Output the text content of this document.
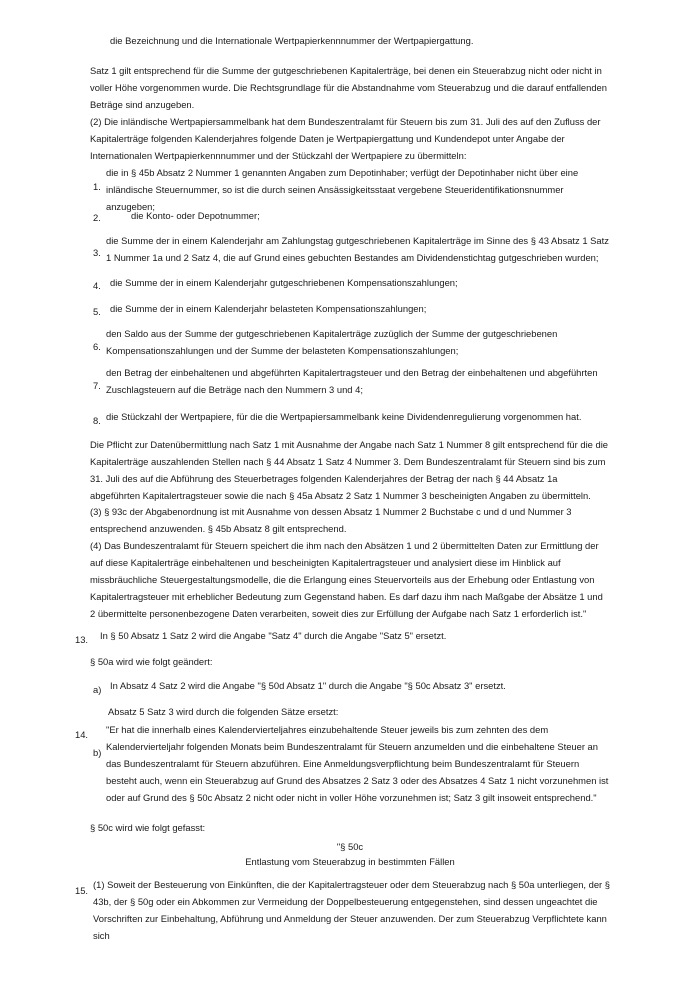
die Bezeichnung und die Internationale Wertpapierkennnummer der Wertpapiergattung.

Satz 1 gilt entsprechend für die Summe der gutgeschriebenen Kapitalerträge, bei denen ein Steuerabzug nicht oder nicht in voller Höhe vorgenommen wurde. Die Rechtsgrundlage für die Abstandnahme vom Steuerabzug und die darauf entfallenden Beträge sind anzugeben.

(2) Die inländische Wertpapiersammelbank hat dem Bundeszentralamt für Steuern bis zum 31. Juli des auf den Zufluss der Kapitalerträge folgenden Kalenderjahres folgende Daten je Wertpapiergattung und Kundendepot unter Angabe der Internationalen Wertpapierkennnummer und der Stückzahl der Wertpapiere zu übermitteln:

1.

die in § 45b Absatz 2 Nummer 1 genannten Angaben zum Depotinhaber; verfügt der Depotinhaber nicht über eine inländische Steuernummer, so ist die durch seinen Ansässigkeitsstaat vergebene Steueridentifikationsnummer anzugeben;

2.	die Konto- oder Depotnummer;

3.

die Summe der in einem Kalenderjahr am Zahlungstag gutgeschriebenen Kapitalerträge im Sinne des § 43 Absatz 1 Satz 1 Nummer 1a und 2 Satz 4, die auf Grund eines gebuchten Bestandes am Dividendenstichtag gutgeschrieben wurden;

4. die Summe der in einem Kalenderjahr gutgeschriebenen Kompensationszahlungen;

5. die Summe der in einem Kalenderjahr belasteten Kompensationszahlungen;

6.

den Saldo aus der Summe der gutgeschriebenen Kapitalerträge zuzüglich der Summe der gutgeschriebenen Kompensationszahlungen und der Summe der belasteten Kompensationszahlungen;

7.

den Betrag der einbehaltenen und abgeführten Kapitalertragsteuer und den Betrag der einbehaltenen und abgeführten Zuschlagsteuern auf die Beträge nach den Nummern 3 und 4;

8. die Stückzahl der Wertpapiere, für die die Wertpapiersammelbank keine Dividendenregulierung vorgenommen hat.

Die Pflicht zur Datenübermittlung nach Satz 1 mit Ausnahme der Angabe nach Satz 1 Nummer 8 gilt entsprechend für die die Kapitalerträge auszahlenden Stellen nach § 44 Absatz 1 Satz 4 Nummer 3. Dem Bundeszentralamt für Steuern sind bis zum 31. Juli des auf die Abführung des Steuerbetrages folgenden Kalenderjahres der Betrag der nach § 44 Absatz 1a abgeführten Kapitalertragsteuer sowie die nach § 45a Absatz 2 Satz 1 Nummer 3 bescheinigten Angaben zu übermitteln.

(3) § 93c der Abgabenordnung ist mit Ausnahme von dessen Absatz 1 Nummer 2 Buchstabe c und d und Nummer 3 entsprechend anzuwenden. § 45b Absatz 8 gilt entsprechend.

(4) Das Bundeszentralamt für Steuern speichert die ihm nach den Absätzen 1 und 2 übermittelten Daten zur Ermittlung der auf diese Kapitalerträge einbehaltenen und bescheinigten Kapitalertragsteuer und analysiert diese im Hinblick auf missbräuchliche Steuergestaltungsmodelle, die die Erlangung eines Steuervorteils aus der Erhebung oder Entlastung von Kapitalertragsteuer mit erheblicher Bedeutung zum Gegenstand haben. Es darf dazu ihm nach Maßgabe der Absätze 1 und 2 übermittelte personenbezogene Daten verarbeiten, soweit dies zur Erfüllung der Aufgabe nach Satz 1 erforderlich ist."

13. In § 50 Absatz 1 Satz 2 wird die Angabe "Satz 4" durch die Angabe "Satz 5" ersetzt.

§ 50a wird wie folgt geändert:

a) In Absatz 4 Satz 2 wird die Angabe "§ 50d Absatz 1" durch die Angabe "§ 50c Absatz 3" ersetzt.

Absatz 5 Satz 3 wird durch die folgenden Sätze ersetzt:

14.
b)

"Er hat die innerhalb eines Kalendervierteljahres einzubehaltende Steuer jeweils bis zum zehnten des dem Kalendervierteljahr folgenden Monats beim Bundeszentralamt für Steuern anzumelden und die einbehaltene Steuer an das Bundeszentralamt für Steuern abzuführen. Eine Anmeldungsverpflichtung beim Bundeszentralamt für Steuern besteht auch, wenn ein Steuerabzug auf Grund des Absatzes 2 Satz 3 oder des Absatzes 4 Satz 1 nicht vorzunehmen ist oder auf Grund des § 50c Absatz 2 nicht oder nicht in voller Höhe vorzunehmen ist; Satz 3 gilt insoweit entsprechend."

§ 50c wird wie folgt gefasst:

"§ 50c

Entlastung vom Steuerabzug in bestimmten Fällen

15.

(1) Soweit der Besteuerung von Einkünften, die der Kapitalertragsteuer oder dem Steuerabzug nach § 50a unterliegen, der § 43b, der § 50g oder ein Abkommen zur Vermeidung der Doppelbesteuerung entgegenstehen, sind dessen ungeachtet die Vorschriften zur Einbehaltung, Abführung und Anmeldung der Steuer anzuwenden. Der zum Steuerabzug Verpflichtete kann sich
